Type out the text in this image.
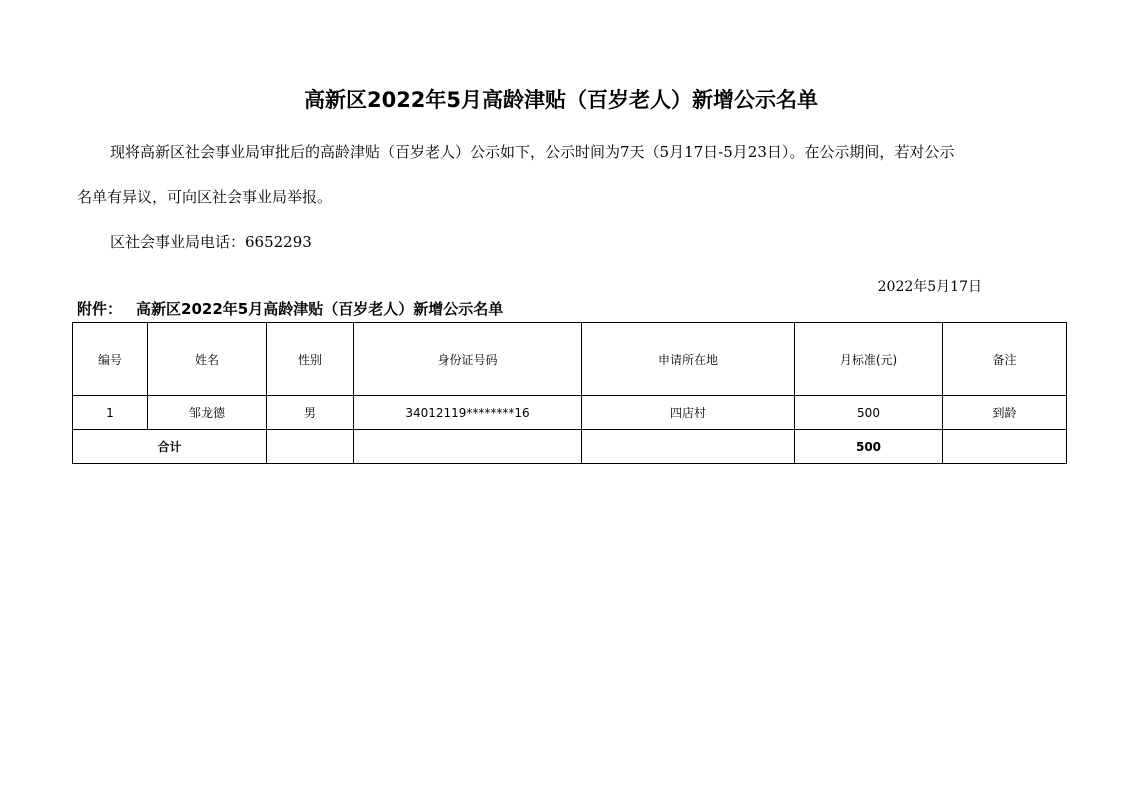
高新区2022年5月高龄津贴（百岁老人）新增公示名单
现将高新区社会事业局审批后的高龄津贴（百岁老人）公示如下，公示时间为7天（5月17日-5月23日）。在公示期间，若对公示
名单有异议，可向区社会事业局举报。
区社会事业局电话：6652293
2022年5月17日
附件： 高新区2022年5月高龄津贴（百岁老人）新增公示名单
编号	姓名	性别	身份证号码	申请所在地	月标准(元)	备注
1	邹龙德	男	34012119********16	四店村	500	到龄
合计					500	
